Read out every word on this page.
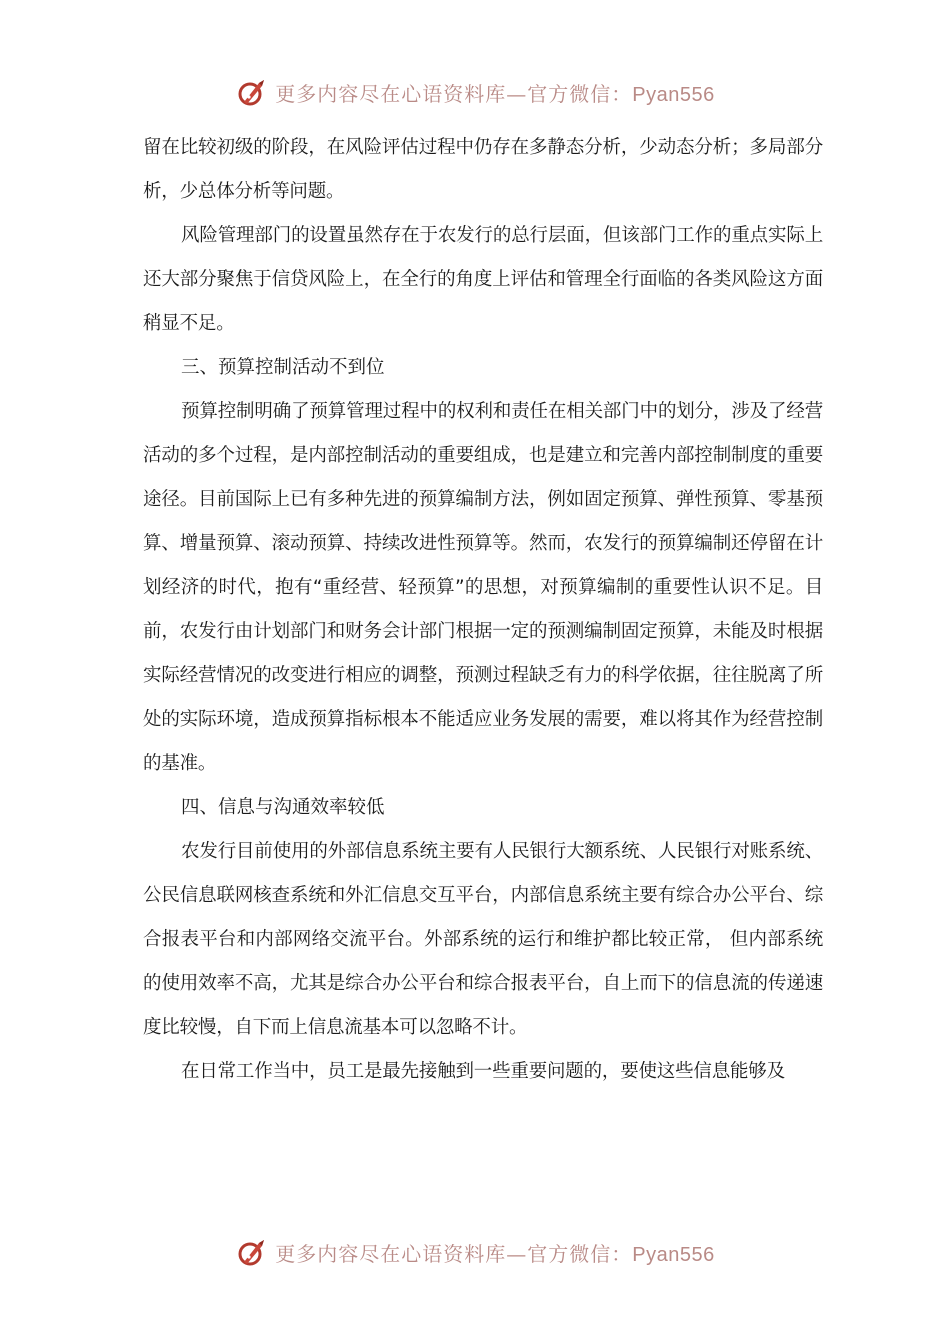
更多内容尽在心语资料库—官方微信：Pyan556

留在比较初级的阶段，在风险评估过程中仍存在多静态分析，少动态分析；多局部分析，少总体分析等问题。

风险管理部门的设置虽然存在于农发行的总行层面，但该部门工作的重点实际上还大部分聚焦于信贷风险上，在全行的角度上评估和管理全行面临的各类风险这方面稍显不足。

三、预算控制活动不到位

预算控制明确了预算管理过程中的权利和责任在相关部门中的划分，涉及了经营活动的多个过程，是内部控制活动的重要组成，也是建立和完善内部控制制度的重要途径。目前国际上已有多种先进的预算编制方法，例如固定预算、弹性预算、零基预算、增量预算、滚动预算、持续改进性预算等。然而，农发行的预算编制还停留在计划经济的时代，抱有“重经营、轻预算”的思想，对预算编制的重要性认识不足。目前，农发行由计划部门和财务会计部门根据一定的预测编制固定预算，未能及时根据实际经营情况的改变进行相应的调整，预测过程缺乏有力的科学依据，往往脱离了所处的实际环境，造成预算指标根本不能适应业务发展的需要，难以将其作为经营控制的基准。

四、信息与沟通效率较低

农发行目前使用的外部信息系统主要有人民银行大额系统、人民银行对账系统、公民信息联网核查系统和外汇信息交互平台，内部信息系统主要有综合办公平台、综合报表平台和内部网络交流平台。外部系统的运行和维护都比较正常， 但内部系统的使用效率不高，尤其是综合办公平台和综合报表平台，自上而下的信息流的传递速度比较慢，自下而上信息流基本可以忽略不计。

在日常工作当中，员工是最先接触到一些重要问题的，要使这些信息能够及

更多内容尽在心语资料库—官方微信：Pyan556
